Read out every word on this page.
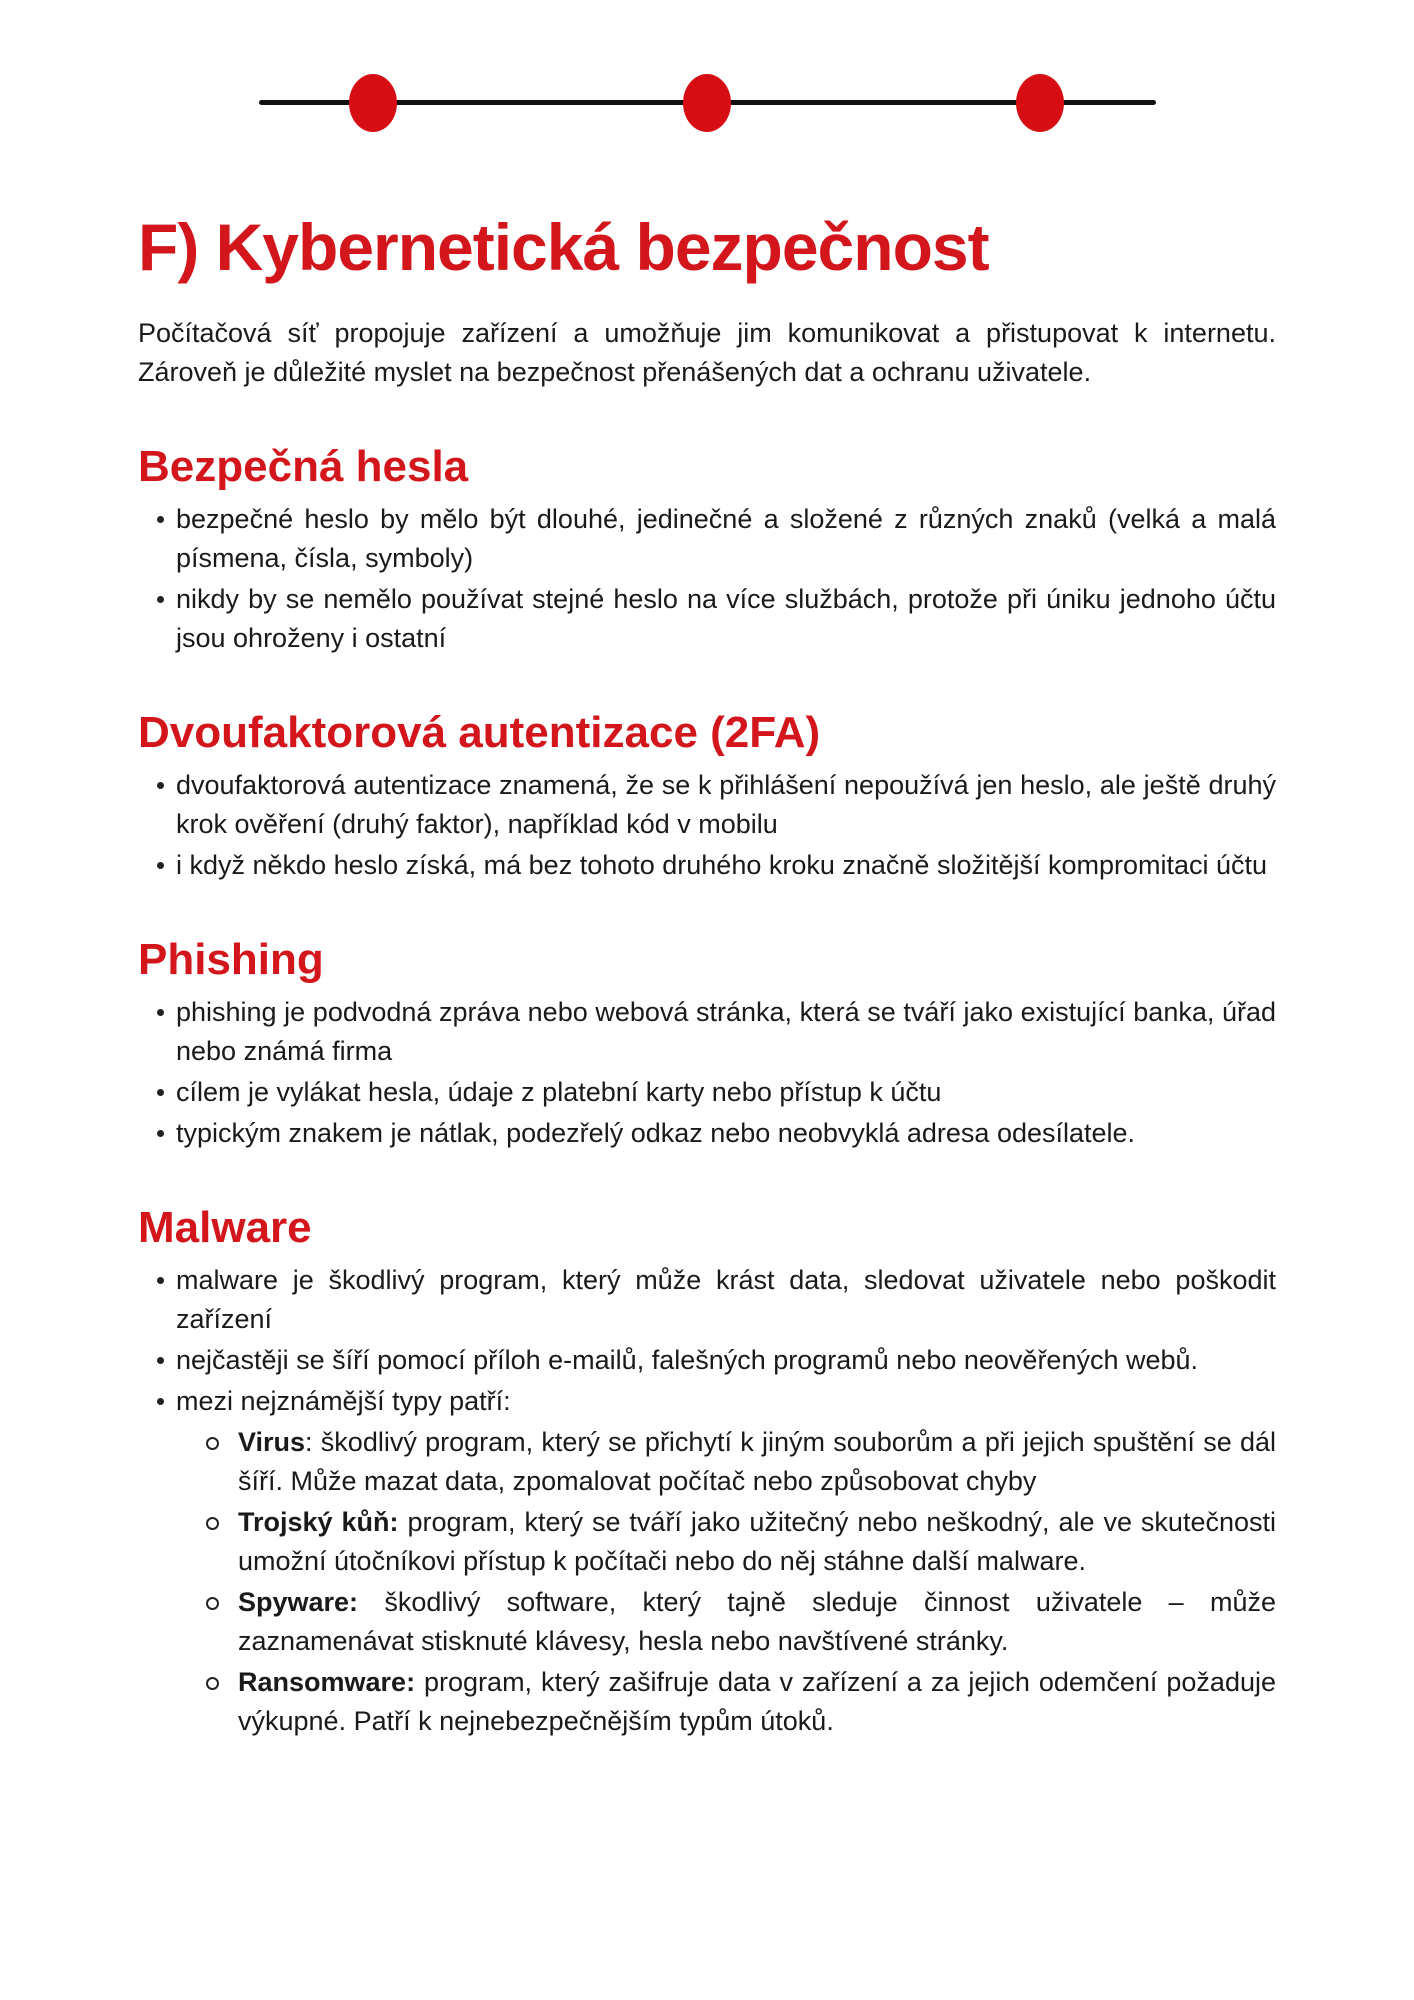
F) Kybernetická bezpečnost

Počítačová síť propojuje zařízení a umožňuje jim komunikovat a přistupovat k internetu. Zároveň je důležité myslet na bezpečnost přenášených dat a ochranu uživatele.

Bezpečná hesla
bezpečné heslo by mělo být dlouhé, jedinečné a složené z různých znaků (velká a malá písmena, čísla, symboly)
nikdy by se nemělo používat stejné heslo na více službách, protože při úniku jednoho účtu jsou ohroženy i ostatní
Dvoufaktorová autentizace (2FA)
dvoufaktorová autentizace znamená, že se k přihlášení nepoužívá jen heslo, ale ještě druhý krok ověření (druhý faktor), například kód v mobilu
i když někdo heslo získá, má bez tohoto druhého kroku značně složitější kompromitaci účtu
Phishing
phishing je podvodná zpráva nebo webová stránka, která se tváří jako existující banka, úřad nebo známá firma
cílem je vylákat hesla, údaje z platební karty nebo přístup k účtu
typickým znakem je nátlak, podezřelý odkaz nebo neobvyklá adresa odesílatele.
Malware
malware je škodlivý program, který může krást data, sledovat uživatele nebo poškodit zařízení
nejčastěji se šíří pomocí příloh e-mailů, falešných programů nebo neověřených webů.
mezi nejznámější typy patří:
Virus: škodlivý program, který se přichytí k jiným souborům a při jejich spuštění se dál šíří. Může mazat data, zpomalovat počítač nebo způsobovat chyby
Trojský kůň: program, který se tváří jako užitečný nebo neškodný, ale ve skutečnosti umožní útočníkovi přístup k počítači nebo do něj stáhne další malware.
Spyware: škodlivý software, který tajně sleduje činnost uživatele – může zaznamenávat stisknuté klávesy, hesla nebo navštívené stránky.
Ransomware: program, který zašifruje data v zařízení a za jejich odemčení požaduje výkupné. Patří k nejnebezpečnějším typům útoků.
